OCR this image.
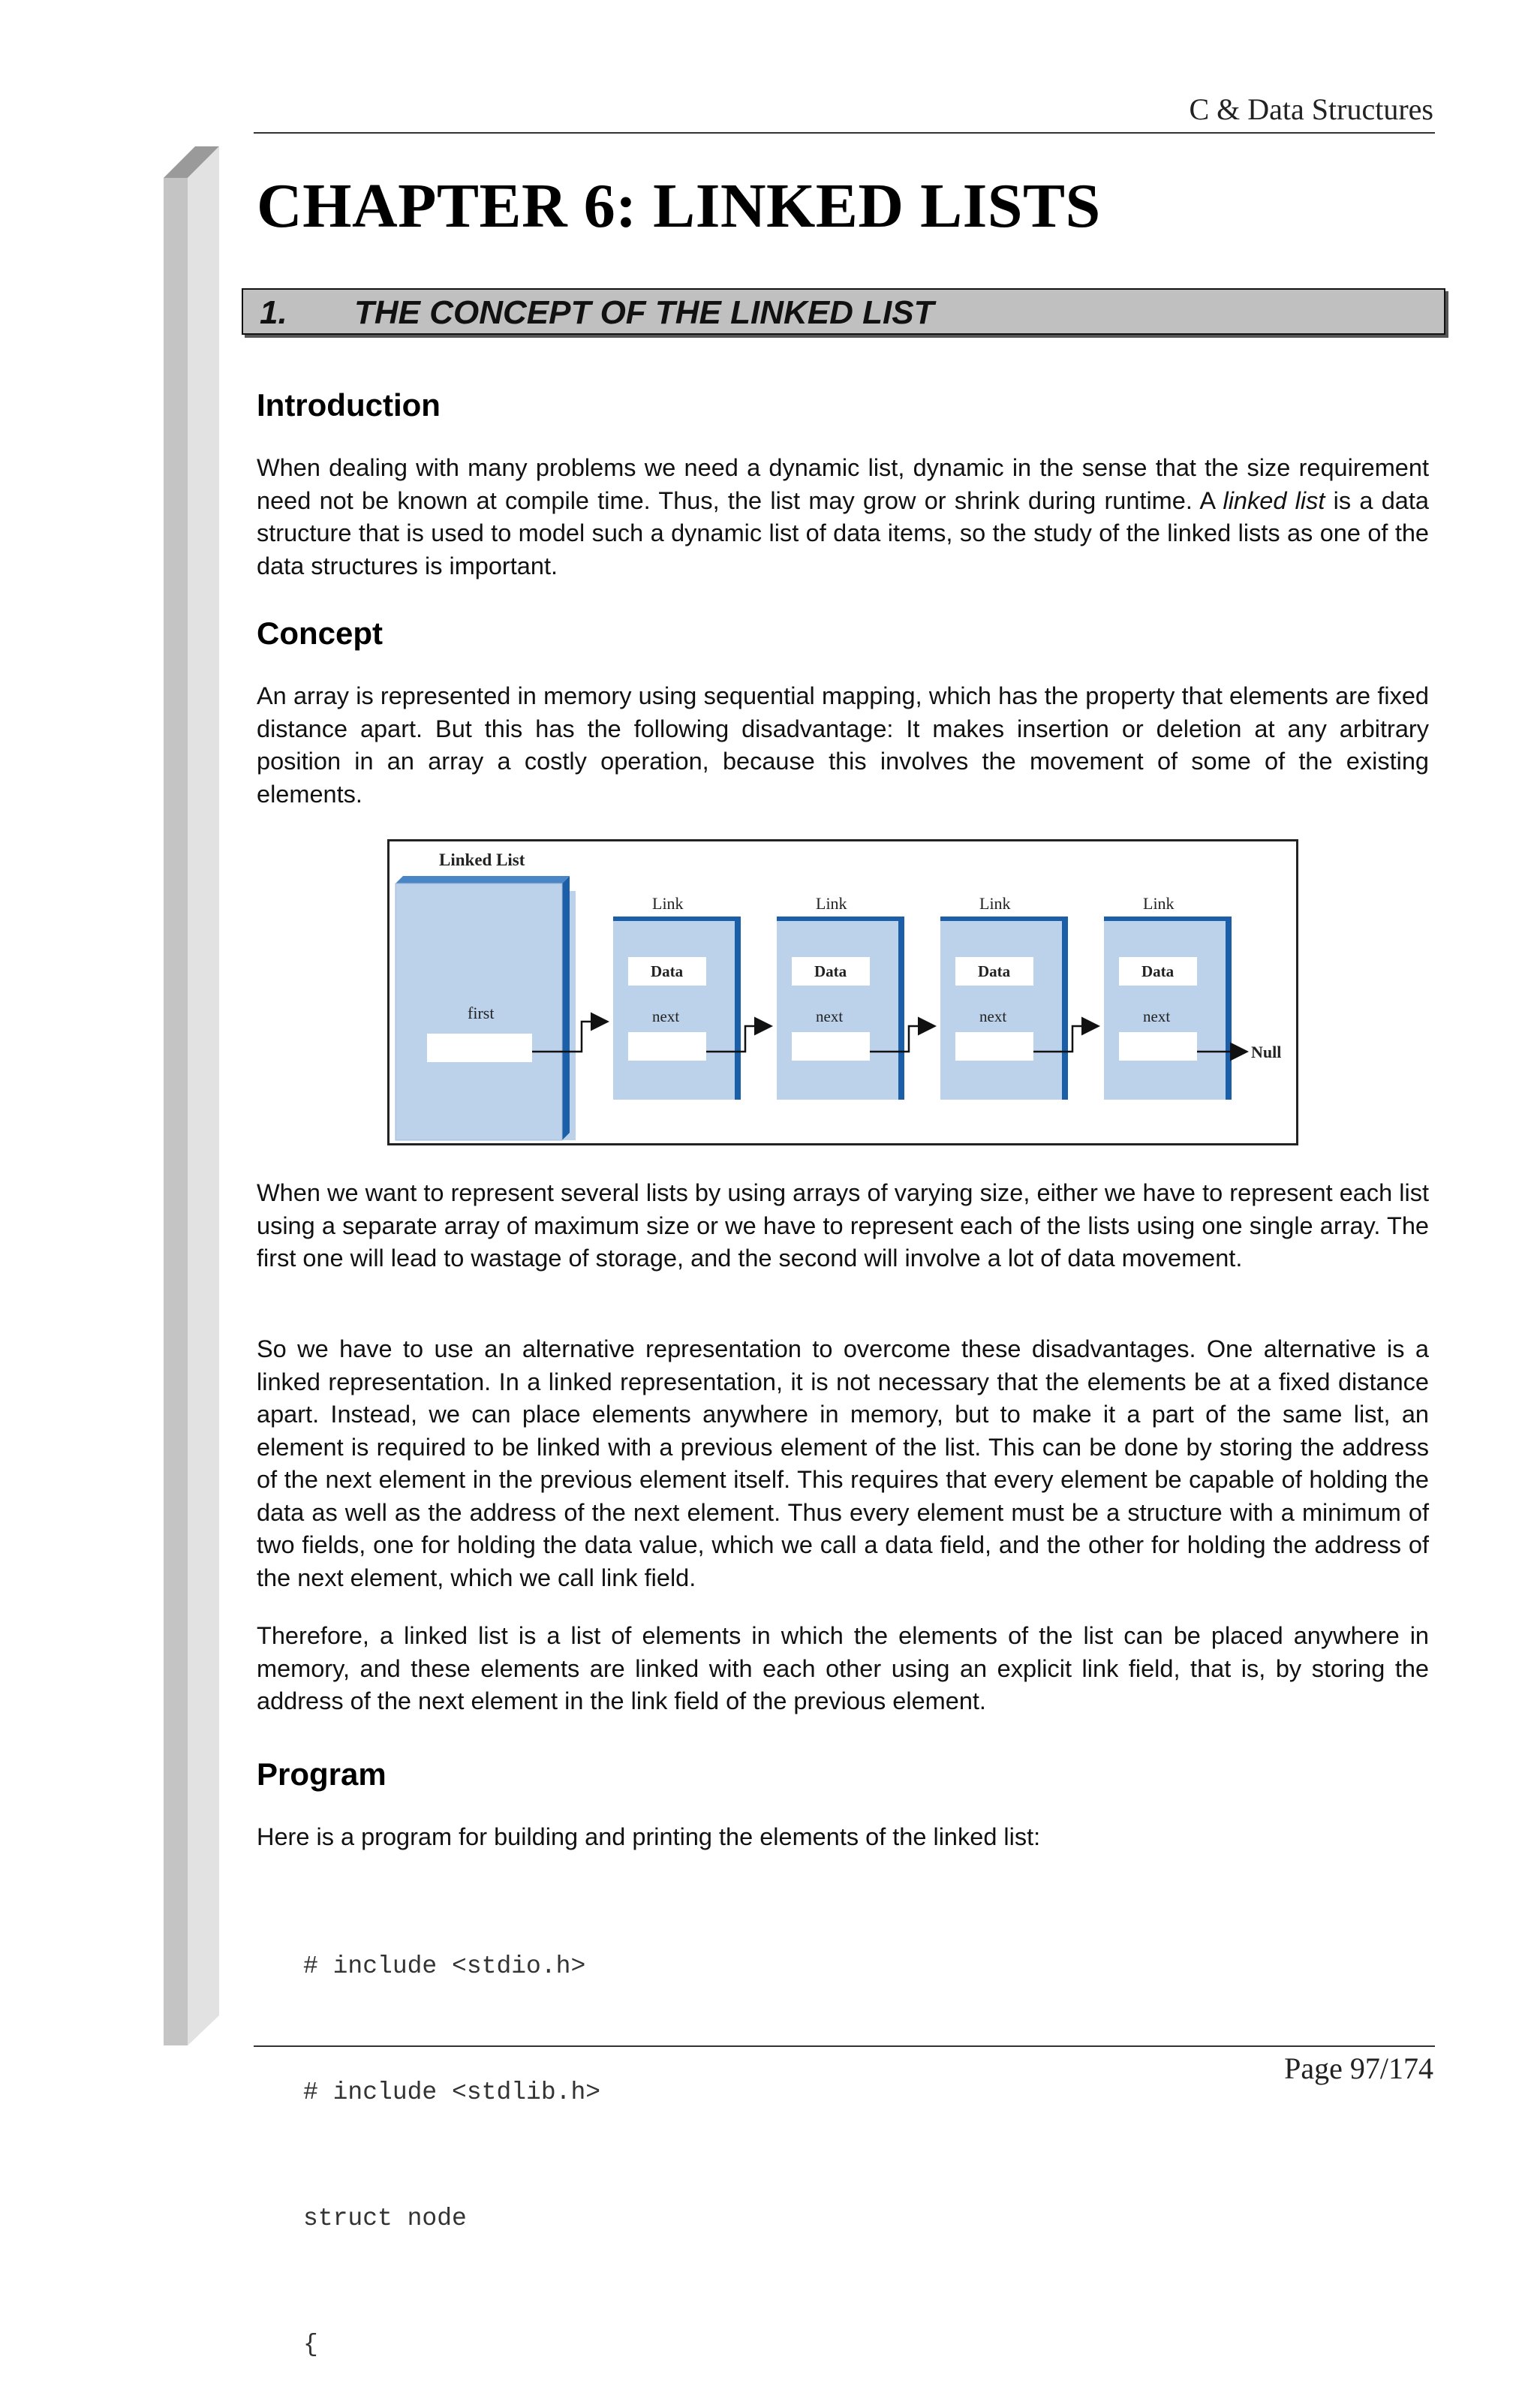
C & Data Structures
CHAPTER 6: LINKED LISTS
1. THE CONCEPT OF THE LINKED LIST
Introduction

When dealing with many problems we need a dynamic list, dynamic in the sense that the size requirement need not be known at compile time. Thus, the list may grow or shrink during runtime. A linked list is a data structure that is used to model such a dynamic list of data items, so the study of the linked lists as one of the data structures is important.

Concept
An array is represented in memory using sequential mapping, which has the property that elements are fixed distance apart. But this has the following disadvantage: It makes insertion or deletion at any arbitrary position in an array a costly operation, because this involves the movement of some of the existing elements.
Linked List
first
Link
Data
next
Link
Data
next
Link
Data
next
Link
Data
next
Null
When we want to represent several lists by using arrays of varying size, either we have to represent each list using a separate array of maximum size or we have to represent each of the lists using one single array. The first one will lead to wastage of storage, and the second will involve a lot of data movement.
So we have to use an alternative representation to overcome these disadvantages. One alternative is a linked representation. In a linked representation, it is not necessary that the elements be at a fixed distance apart. Instead, we can place elements anywhere in memory, but to make it a part of the same list, an element is required to be linked with a previous element of the list. This can be done by storing the address of the next element in the previous element itself. This requires that every element be capable of holding the data as well as the address of the next element. Thus every element must be a structure with a minimum of two fields, one for holding the data value, which we call a data field, and the other for holding the address of the next element, which we call link field.
Therefore, a linked list is a list of elements in which the elements of the list can be placed anywhere in memory, and these elements are linked with each other using an explicit link field, that is, by storing the address of the next element in the link field of the previous element.
Program
Here is a program for building and printing the elements of the linked list:

# include <stdio.h>

# include <stdlib.h>

struct node

{

Page 97/174
